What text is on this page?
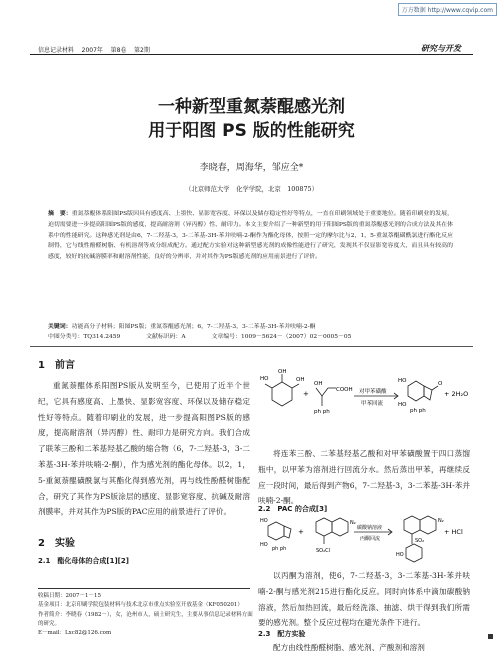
万方数据 http://www.cqvip.com
信息记录材料 2007年 第8卷 第2期	研究与开发
一种新型重氮萘醌感光剂
用于阳图 PS 版的性能研究
李晓春，周海华，邹应全*
（北京师范大学　化学学院，北京　100875）
摘　要：重氮萘醌体系阳图PS版因具有感度高、上墨快、显影宽容度、环保以及储存稳定性好等特点，一直在印刷领域处于重要地位。随着印刷业的发展，迫切需要进一步提高阳图PS版的感度，提高耐溶剂（异丙醇）性、耐印力。本文主要介绍了一种新型的用于阳图PS版的重氮萘醌感光剂的合成方法及其在体系中的性能研究。这种感光剂是由6，7-二羟基-3，3-二苯基-3H-苯并呋喃-2-酮作为酯化母体，按照一定的摩尔比与2，1，5-重氮萘醌磺酰氯进行酯化反应制得，它与线性酚醛树脂、有机溶剂等成分组成配方。通过配方实验对这种新型感光剂的成像性能进行了研究，发现其不仅显影宽容度大，而且具有较高的感度，较好的抗碱溶膜率和耐溶剂性能，良好的分辨率，并对其作为PS版感光剂的应用前景进行了评价。
关键词：功能高分子材料；阳图PS版；重氮萘醌感光剂；6，7-二羟基-3，3-二苯基-3H-苯并呋喃-2-酮
中图分类号：TQ314.2459	文献标识码：A	文章编号：1009－5624－（2007）02－0005－05
1　前言
重氮萘醌体系阳图PS版从发明至今，已使用了近半个世纪，它具有感度高、上墨快、显影宽容度、环保以及储存稳定性好等特点。随着印刷业的发展，进一步提高阳图PS版的感度，提高耐溶剂（异丙醇）性、耐印力是研究方向。我们合成了联苯三酚和二苯基羟基乙酸的缩合物（6，7-二羟基-3，3-二苯基-3H-苯并呋喃-2-酮），作为感光剂的酯化母体。以2，1，5-重氮萘醌磺酰氯与其酯化得到感光剂，再与线性酚醛树脂配合，研究了其作为PS版涂层的感度、显影宽容度、抗碱及耐溶剂膜率，并对其作为PS版的PAC应用的前景进行了评价。
2　实验
2.1　酯化母体的合成[1][2]
收稿日期：2007－1－15
基金项目：北京印刷学院包装材料与技术北京市重点实验室开放基金（KF050201）
作者简介：李晓春（1982－），女，沧州市人，硕士研究生，主要从事信息记录材料方面的研究。
E－mail：Lxc82@126.com
HO
OH
OH
+
OH
COOH
ph ph
对甲苯磺酸
甲苯回流
HO
HO
O
ph ph
+ 2H₂O
将连苯三酚、二苯基羟基乙酸和对甲苯磺酸置于四口蒸馏瓶中，以甲苯为溶剂进行回流分水。然后蒸出甲苯，再继续反应一段时间，最后得到产物6，7-二羟基-3，3-二苯基-3H-苯并呋喃-2-酮。
2.2　PAC 的合成[3]
HO
HO
ph ph
+
N₂
SO₂Cl
碳酸钠溶液
丙酮回流
N₂
SO₂
HO
+ HCl
以丙酮为溶剂，使6，7-二羟基-3，3-二苯基-3H-苯并呋喃-2-酮与感光剂215进行酯化反应。同时向体系中滴加碳酸钠溶液，然后加热回流，最后经洗涤、抽滤、烘干得到我们所需要的感光剂。整个反应过程均在避光条件下进行。
2.3　配方实验
配方由线性酚醛树脂、感光剂、产酸剂和溶剂
